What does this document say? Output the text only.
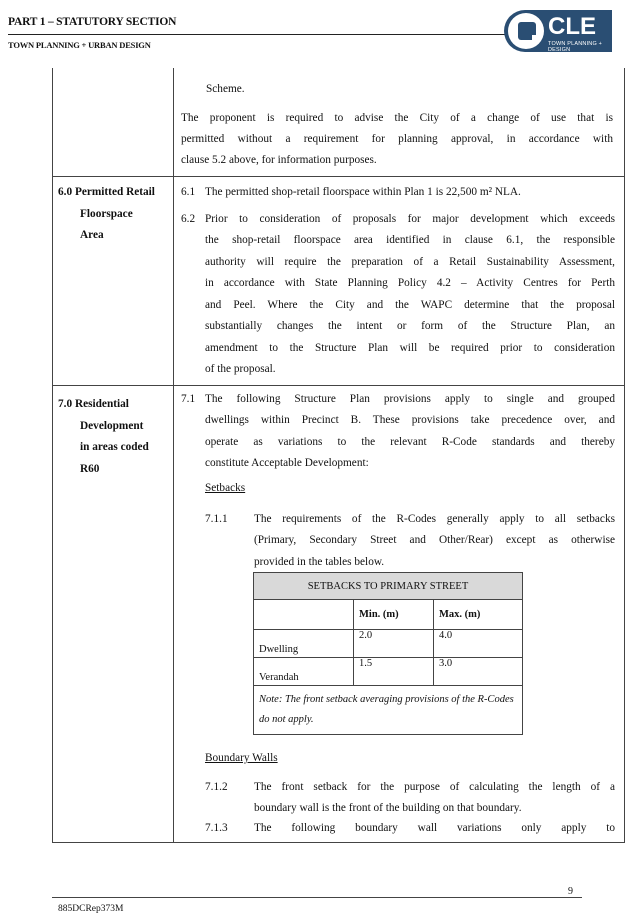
PART 1 – STATUTORY SECTION
TOWN PLANNING + URBAN DESIGN
CLE
TOWN PLANNING + DESIGN
Scheme.
The proponent is required to advise the City of a change of use that is
permitted without a requirement for planning approval, in accordance with
clause 5.2 above, for information purposes.
6.0 Permitted Retail
Floorspace
Area
6.1 The permitted shop-retail floorspace within Plan 1 is 22,500 m² NLA.
6.2 Prior to consideration of proposals for major development which exceeds
the shop-retail floorspace area identified in clause 6.1, the responsible
authority will require the preparation of a Retail Sustainability Assessment,
in accordance with State Planning Policy 4.2 – Activity Centres for Perth
and Peel. Where the City and the WAPC determine that the proposal
substantially changes the intent or form of the Structure Plan, an
amendment to the Structure Plan will be required prior to consideration
of the proposal.
7.0 Residential
Development
in areas coded
R60
7.1 The following Structure Plan provisions apply to single and grouped
dwellings within Precinct B. These provisions take precedence over, and
operate as variations to the relevant R-Code standards and thereby
constitute Acceptable Development:
Setbacks
7.1.1 The requirements of the R-Codes generally apply to all setbacks
(Primary, Secondary Street and Other/Rear) except as otherwise
provided in the tables below.
SETBACKS TO PRIMARY STREET		
	Min. (m)	Max. (m)
Dwelling	2.0	4.0
Verandah	1.5	3.0
Note: The front setback averaging provisions of the R-Codes do not apply.		
Boundary Walls
7.1.2 The front setback for the purpose of calculating the length of a
boundary wall is the front of the building on that boundary.
7.1.3 The following boundary wall variations only apply to
9
885DCRep373M
